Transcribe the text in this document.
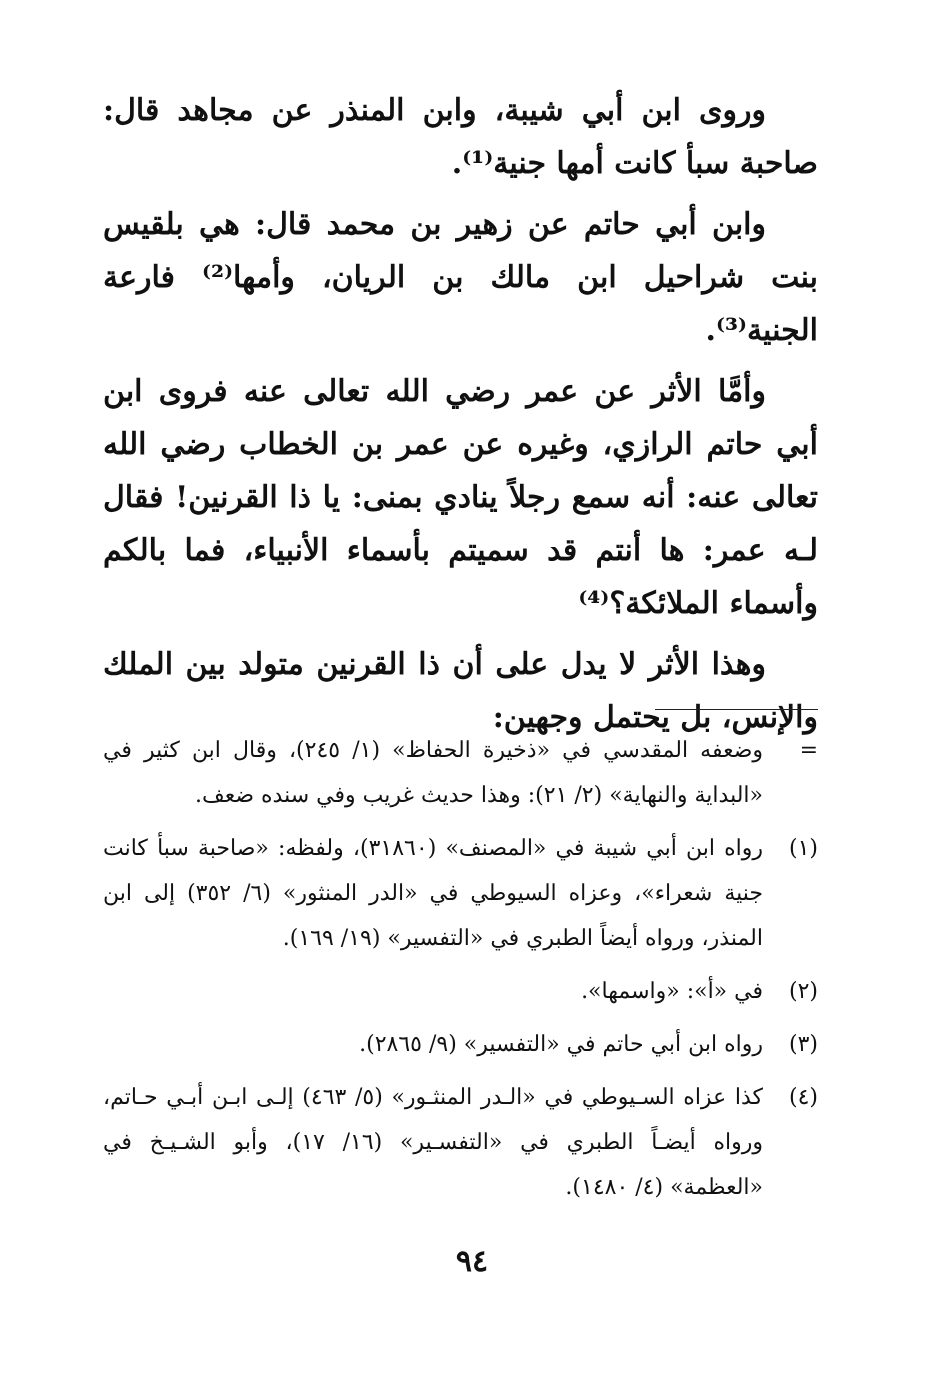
وروى ابن أبي شيبة، وابن المنذر عن مجاهد قال: صاحبة سبأ كانت أمها جنية⁽¹⁾.

وابن أبي حاتم عن زهير بن محمد قال: هي بلقيس بنت شراحيل ابن مالك بن الريان، وأمها⁽²⁾ فارعة الجنية⁽³⁾.

وأمَّا الأثر عن عمر رضي الله تعالى عنه فروى ابن أبي حاتم الرازي، وغيره عن عمر بن الخطاب رضي الله تعالى عنه: أنه سمع رجلاً ينادي بمنى: يا ذا القرنين! فقال لـه عمر: ها أنتم قد سميتم بأسماء الأنبياء، فما بالكم وأسماء الملائكة؟⁽⁴⁾

وهذا الأثر لا يدل على أن ذا القرنين متولد بين الملك والإنس، بل يحتمل وجهين:

=
وضعفه المقدسي في «ذخيرة الحفاظ» (١/ ٢٤٥)، وقال ابن كثير في «البداية والنهاية» (٢/ ٢١): وهذا حديث غريب وفي سنده ضعف.
(١)
رواه ابن أبي شيبة في «المصنف» (٣١٨٦٠)، ولفظه: «صاحبة سبأ كانت جنية شعراء»، وعزاه السيوطي في «الدر المنثور» (٦/ ٣٥٢) إلى ابن المنذر، ورواه أيضاً الطبري في «التفسير» (١٩/ ١٦٩).
(٢)
في «أ»: «واسمها».
(٣)
رواه ابن أبي حاتم في «التفسير» (٩/ ٢٨٦٥).
(٤)
كذا عزاه السـيوطي في «الـدر المنثـور» (٥/ ٤٦٣) إلـى ابـن أبـي حـاتم، ورواه أيضـاً الطبري في «التفسـير» (١٦/ ١٧)، وأبو الشـيـخ في «العظمة» (٤/ ١٤٨٠).
٩٤
